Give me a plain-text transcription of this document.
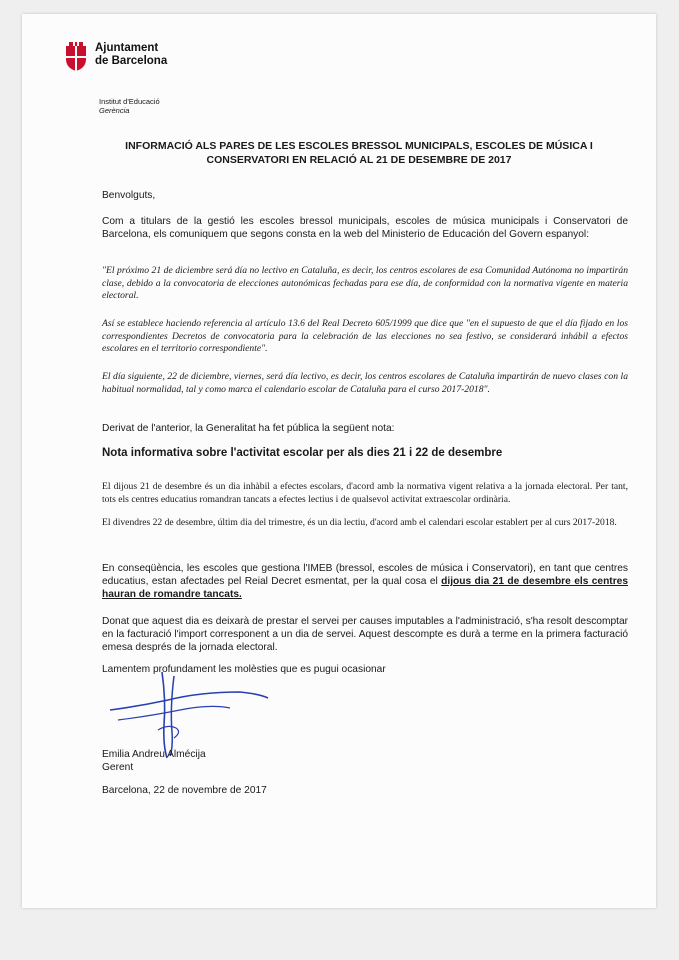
Ajuntament
de Barcelona
Institut d'Educació
Gerència
INFORMACIÓ ALS PARES DE LES ESCOLES BRESSOL MUNICIPALS, ESCOLES DE MÚSICA I
CONSERVATORI EN RELACIÓ AL 21 DE DESEMBRE DE 2017
Benvolguts,
Com a titulars de la gestió les escoles bressol municipals, escoles de música municipals i Conservatori de Barcelona, els comuniquem que segons consta en la web del Ministerio de Educación del Govern espanyol:
"El próximo 21 de diciembre será día no lectivo en Cataluña, es decir, los centros escolares de esa Comunidad Autónoma no impartirán clase, debido a la convocatoria de elecciones autonómicas fechadas para ese día, de conformidad con la normativa vigente en materia electoral.
Así se establece haciendo referencia al artículo 13.6 del Real Decreto 605/1999 que dice que "en el supuesto de que el día fijado en los correspondientes Decretos de convocatoria para la celebración de las elecciones no sea festivo, se considerará inhábil a efectos escolares en el territorio correspondiente".
El día siguiente, 22 de diciembre, viernes, será día lectivo, es decir, los centros escolares de Cataluña impartirán de nuevo clases con la habitual normalidad, tal y como marca el calendario escolar de Cataluña para el curso 2017-2018".
Derivat de l'anterior, la Generalitat ha fet pública la següent nota:
Nota informativa sobre l'activitat escolar per als dies 21 i 22 de desembre
El dijous 21 de desembre és un dia inhàbil a efectes escolars, d'acord amb la normativa vigent relativa a la jornada electoral. Per tant, tots els centres educatius romandran tancats a efectes lectius i de qualsevol activitat extraescolar ordinària.
El divendres 22 de desembre, últim dia del trimestre, és un dia lectiu, d'acord amb el calendari escolar establert per al curs 2017-2018.
En conseqüència, les escoles que gestiona l'IMEB (bressol, escoles de música i Conservatori), en tant que centres educatius, estan afectades pel Reial Decret esmentat, per la qual cosa el dijous dia 21 de desembre els centres hauran de romandre tancats.
Donat que aquest dia es deixarà de prestar el servei per causes imputables a l'administració, s'ha resolt descomptar en la facturació l'import corresponent a un dia de servei. Aquest descompte es durà a terme en la primera facturació emesa després de la jornada electoral.
Lamentem profundament les molèsties que es pugui ocasionar
Emilia Andreu Almécija
Gerent
Barcelona, 22 de novembre de 2017
